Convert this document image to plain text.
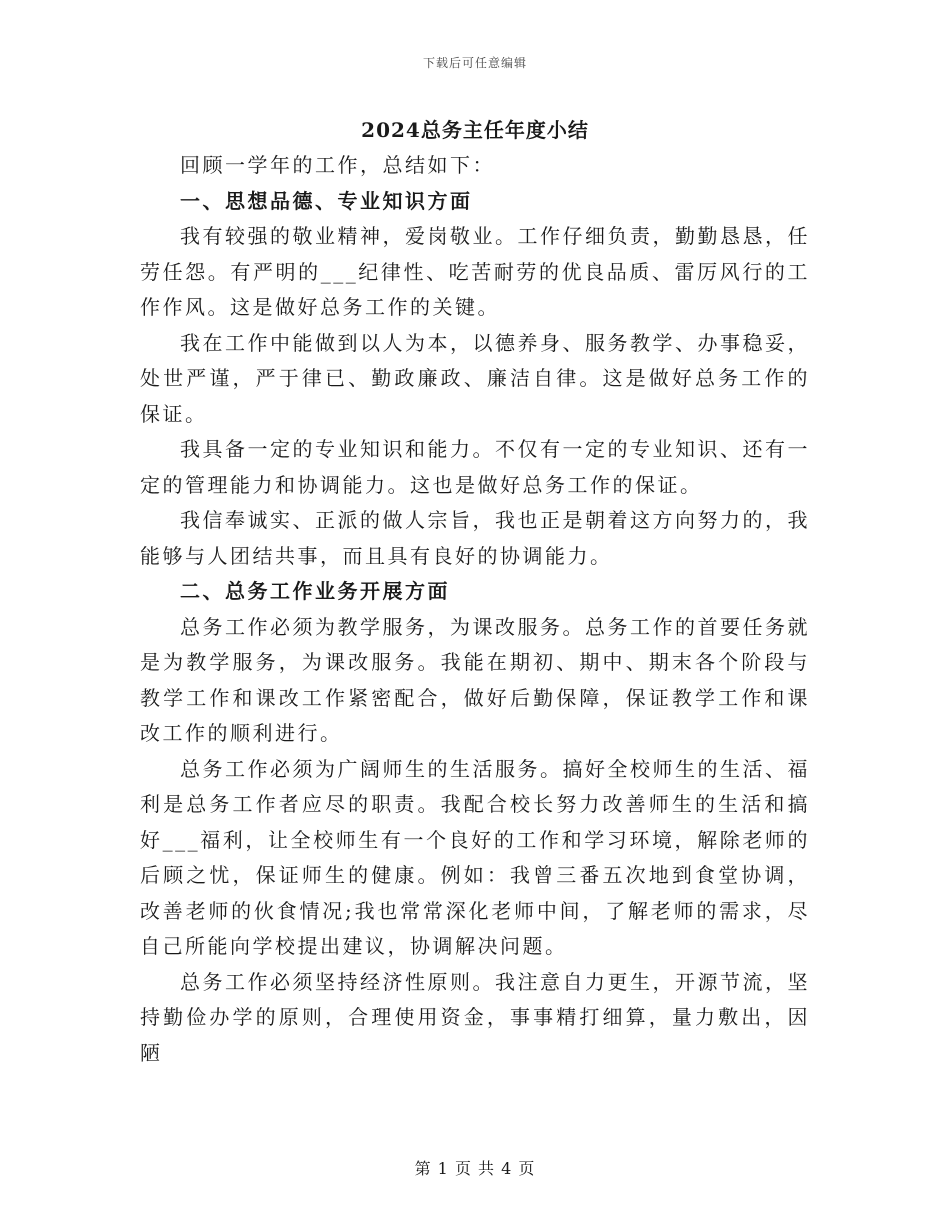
下载后可任意编辑
2024总务主任年度小结

回顾一学年的工作，总结如下：

一、思想品德、专业知识方面

我有较强的敬业精神，爱岗敬业。工作仔细负责，勤勤恳恳，任劳任怨。有严明的___纪律性、吃苦耐劳的优良品质、雷厉风行的工作作风。这是做好总务工作的关键。

我在工作中能做到以人为本，以德养身、服务教学、办事稳妥，处世严谨，严于律已、勤政廉政、廉洁自律。这是做好总务工作的保证。

我具备一定的专业知识和能力。不仅有一定的专业知识、还有一定的管理能力和协调能力。这也是做好总务工作的保证。

我信奉诚实、正派的做人宗旨，我也正是朝着这方向努力的，我能够与人团结共事，而且具有良好的协调能力。

二、总务工作业务开展方面

总务工作必须为教学服务，为课改服务。总务工作的首要任务就是为教学服务，为课改服务。我能在期初、期中、期末各个阶段与教学工作和课改工作紧密配合，做好后勤保障，保证教学工作和课改工作的顺利进行。

总务工作必须为广阔师生的生活服务。搞好全校师生的生活、福利是总务工作者应尽的职责。我配合校长努力改善师生的生活和搞好___福利，让全校师生有一个良好的工作和学习环境，解除老师的后顾之忧，保证师生的健康。例如：我曾三番五次地到食堂协调，改善老师的伙食情况;我也常常深化老师中间，了解老师的需求，尽自己所能向学校提出建议，协调解决问题。

总务工作必须坚持经济性原则。我注意自力更生，开源节流，坚持勤俭办学的原则，合理使用资金，事事精打细算，量力敷出，因陋

第 1 页 共 4 页
